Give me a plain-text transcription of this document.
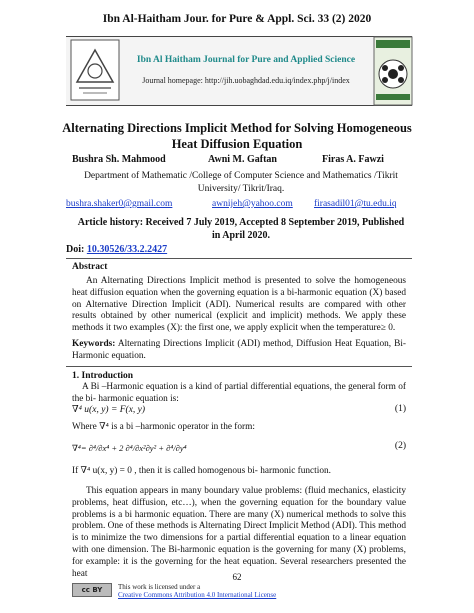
Ibn Al-Haitham Jour. for Pure & Appl. Sci. 33 (2) 2020
Ibn Al Haitham Journal for Pure and Applied Science
Journal homepage: http://jih.uobaghdad.edu.iq/index.php/j/index
Alternating Directions Implicit Method for Solving Homogeneous Heat Diffusion Equation
Bushra Sh. Mahmood	Awni M. Gaftan	Firas A. Fawzi
Department of Mathematic /College of Computer Science and Mathematics /Tikrit University/ Tikrit/Iraq.
bushra.shaker0@gmail.com	awnijeh@yahoo.com firasadil01@tu.edu.iq
Article history: Received 7 July 2019, Accepted 8 September 2019, Published in April 2020.
Doi: 10.30526/33.2.2427
Abstract
An Alternating Directions Implicit method is presented to solve the homogeneous heat diffusion equation when the governing equation is a bi-harmonic equation (X) based on Alternative Direction Implicit (ADI). Numerical results are compared with other results obtained by other numerical (explicit and implicit) methods. We apply these methods it two examples (X): the first one, we apply explicit when the temperature≥ 0.
Keywords: Alternating Directions Implicit (ADI) method, Diffusion Heat Equation, Bi-Harmonic equation.
1. Introduction
A Bi –Harmonic equation is a kind of partial differential equations, the general form of the bi- harmonic equation is:
∇⁴ u(x, y) = F(x, y)	(1)
Where ∇⁴ is a bi –harmonic operator in the form:
∇⁴= ∂⁴/∂x⁴ + 2 ∂⁴/∂x²∂y² + ∂⁴/∂y⁴	(2)
If ∇⁴ u(x, y) = 0 , then it is called homogenous bi- harmonic function.
This equation appears in many boundary value problems: (fluid mechanics, elasticity problems, heat diffusion, etc…), when the governing equation for the boundary value problems is a bi harmonic equation. There are many (X) numerical methods to solve this problem. One of these methods is Alternating Direct Implicit Method (ADI). This method is to minimize the two dimensions for a partial differential equation to a linear equation with one dimension. The Bi-harmonic equation is the governing for many (X) problems, for example: it is the governing for the heat equation. Several researchers presented the heat	62
cc BY	This work is licensed under a
Creative Commons Attribution 4.0 International License
